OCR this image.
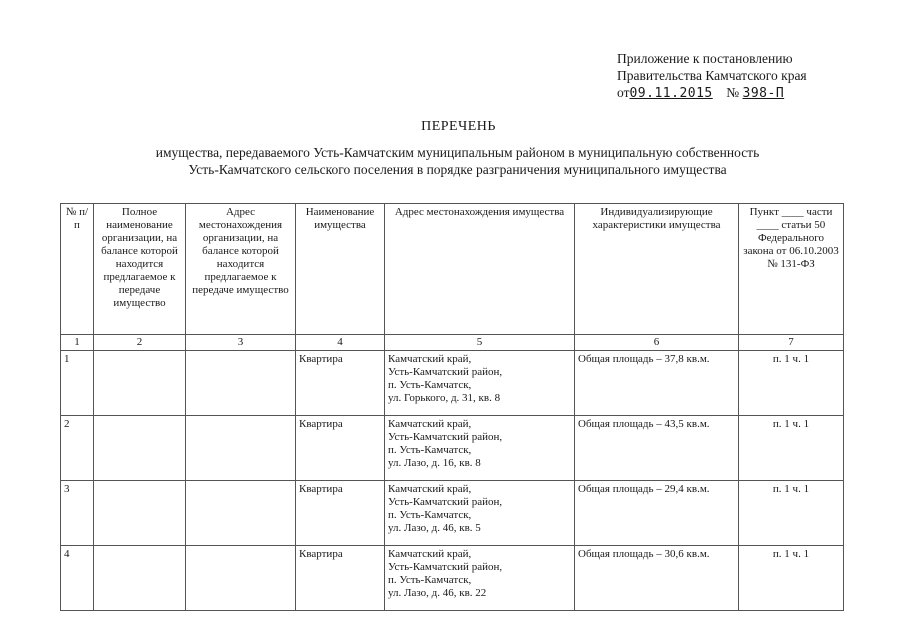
Приложение к постановлению
Правительства Камчатского края
от09.11.2015 № 398-П
ПЕРЕЧЕНЬ
имущества, передаваемого Усть-Камчатским муниципальным районом в муниципальную собственность
Усть-Камчатского сельского поселения в порядке разграничения муниципального имущества
№ п/п	Полное наименование организации, на балансе которой находится предлагаемое к передаче имущество	Адрес местонахождения организации, на балансе которой находится предлагаемое к передаче имущество	Наименование имущества	Адрес местонахождения имущества	Индивидуализирующие характеристики имущества	Пункт ____ части ____ статьи 50 Федерального закона от 06.10.2003 № 131-ФЗ
1	2	3	4	5	6	7
1			Квартира	Камчатский край,
Усть-Камчатский район,
п. Усть-Камчатск,
ул. Горького, д. 31, кв. 8	Общая площадь – 37,8 кв.м.	п. 1 ч. 1
2			Квартира	Камчатский край,
Усть-Камчатский район,
п. Усть-Камчатск,
ул. Лазо, д. 16, кв. 8	Общая площадь – 43,5 кв.м.	п. 1 ч. 1
3			Квартира	Камчатский край,
Усть-Камчатский район,
п. Усть-Камчатск,
ул. Лазо, д. 46, кв. 5	Общая площадь – 29,4 кв.м.	п. 1 ч. 1
4			Квартира	Камчатский край,
Усть-Камчатский район,
п. Усть-Камчатск,
ул. Лазо, д. 46, кв. 22	Общая площадь – 30,6 кв.м.	п. 1 ч. 1
